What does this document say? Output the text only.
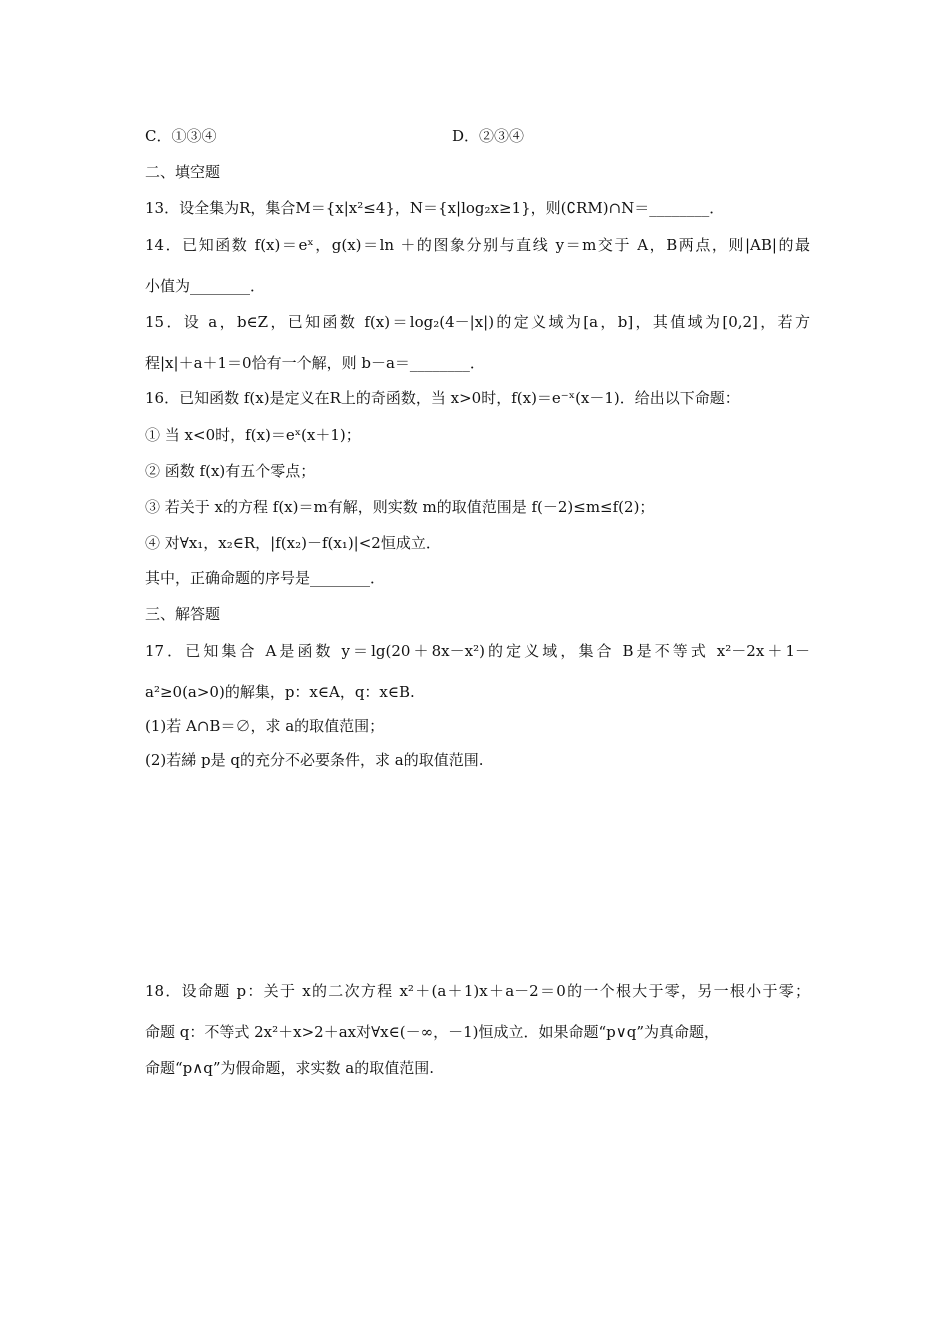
C．①③④	D．②③④
二、填空题
13．设全集为R，集合M＝{x|x²≤4}，N＝{x|log₂x≥1}，则(∁RM)∩N＝________．
14．已知函数 f(x)＝eˣ，g(x)＝ln ＋的图象分别与直线 y＝m交于 A，B两点，则|AB|的最
小值为________．
15．设 a，b∈Z，已知函数 f(x)＝log₂(4－|x|)的定义域为[a，b]，其值域为[0,2]，若方
程|x|＋a＋1＝0恰有一个解，则 b－a＝________．
16．已知函数 f(x)是定义在R上的奇函数，当 x>0时，f(x)＝e⁻ˣ(x－1)．给出以下命题：
① 当 x<0时，f(x)＝eˣ(x＋1)；
② 函数 f(x)有五个零点；
③ 若关于 x的方程 f(x)＝m有解，则实数 m的取值范围是 f(－2)≤m≤f(2)；
④ 对∀x₁，x₂∈R，|f(x₂)－f(x₁)|<2恒成立．
其中，正确命题的序号是________．
三、解答题
17．已知集合 A是函数 y＝lg(20＋8x－x²)的定义域，集合 B是不等式 x²－2x＋1－
a²≥0(a>0)的解集，p：x∈A，q：x∈B.
(1)若 A∩B＝∅，求 a的取值范围；
(2)若綈 p是 q的充分不必要条件，求 a的取值范围.
18．设命题 p：关于 x的二次方程 x²＋(a＋1)x＋a－2＝0的一个根大于零，另一根小于零；
命题 q：不等式 2x²＋x>2＋ax对∀x∈(－∞，－1)恒成立．如果命题“p∨q”为真命题，
命题“p∧q”为假命题，求实数 a的取值范围.
